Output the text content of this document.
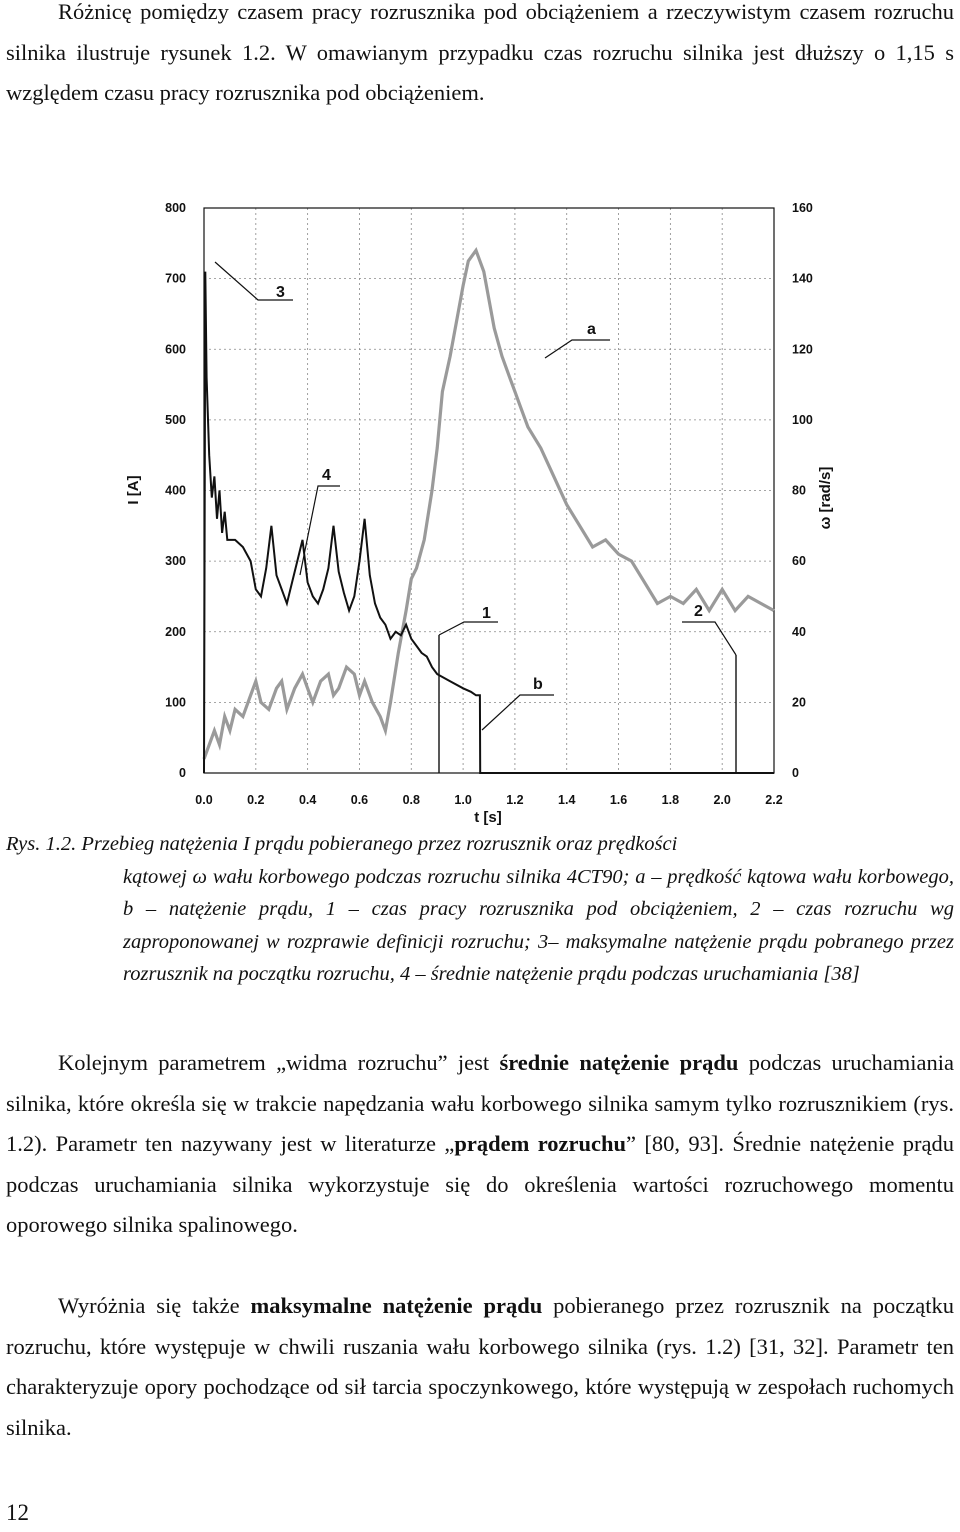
Różnicę pomiędzy czasem pracy rozrusznika pod obciążeniem a rzeczywistym czasem rozruchu silnika ilustruje rysunek 1.2. W omawianym przypadku czas rozruchu silnika jest dłuższy o 1,15 s względem czasu pracy rozrusznika pod obciążeniem.

0.0	0.2	0.4	0.6	0.8	1.0	1.2	1.4	1.6	1.8	2.0	2.2
0
100
200
300
400
500
600
700
800
0
20
40
60
80
100
120
140
160
t [s]
I [A]	ω [rad/s]
3
4
a
1	2
b

Rys. 1.2. Przebieg natężenia I prądu pobieranego przez rozrusznik oraz prędkości
kątowej ω wału korbowego podczas rozruchu silnika 4CT90; a – prędkość kątowa wału korbowego, b – natężenie prądu, 1 – czas pracy rozrusznika pod obciążeniem, 2 – czas rozruchu wg zaproponowanej w rozprawie definicji rozruchu; 3– maksymalne natężenie prądu pobranego przez rozrusznik na początku rozruchu, 4 – średnie natężenie prądu podczas uruchamiania [38]

Kolejnym parametrem „widma rozruchu” jest średnie natężenie prądu podczas uruchamiania silnika, które określa się w trakcie napędzania wału korbowego silnika samym tylko rozrusznikiem (rys. 1.2). Parametr ten nazywany jest w literaturze „prądem rozruchu” [80, 93]. Średnie natężenie prądu podczas uruchamiania silnika wykorzystuje się do określenia wartości rozruchowego momentu oporowego silnika spalinowego.

Wyróżnia się także maksymalne natężenie prądu pobieranego przez rozrusznik na początku rozruchu, które występuje w chwili ruszania wału korbowego silnika (rys. 1.2) [31, 32]. Parametr ten charakteryzuje opory pochodzące od sił tarcia spoczynkowego, które występują w zespołach ruchomych silnika.

12
